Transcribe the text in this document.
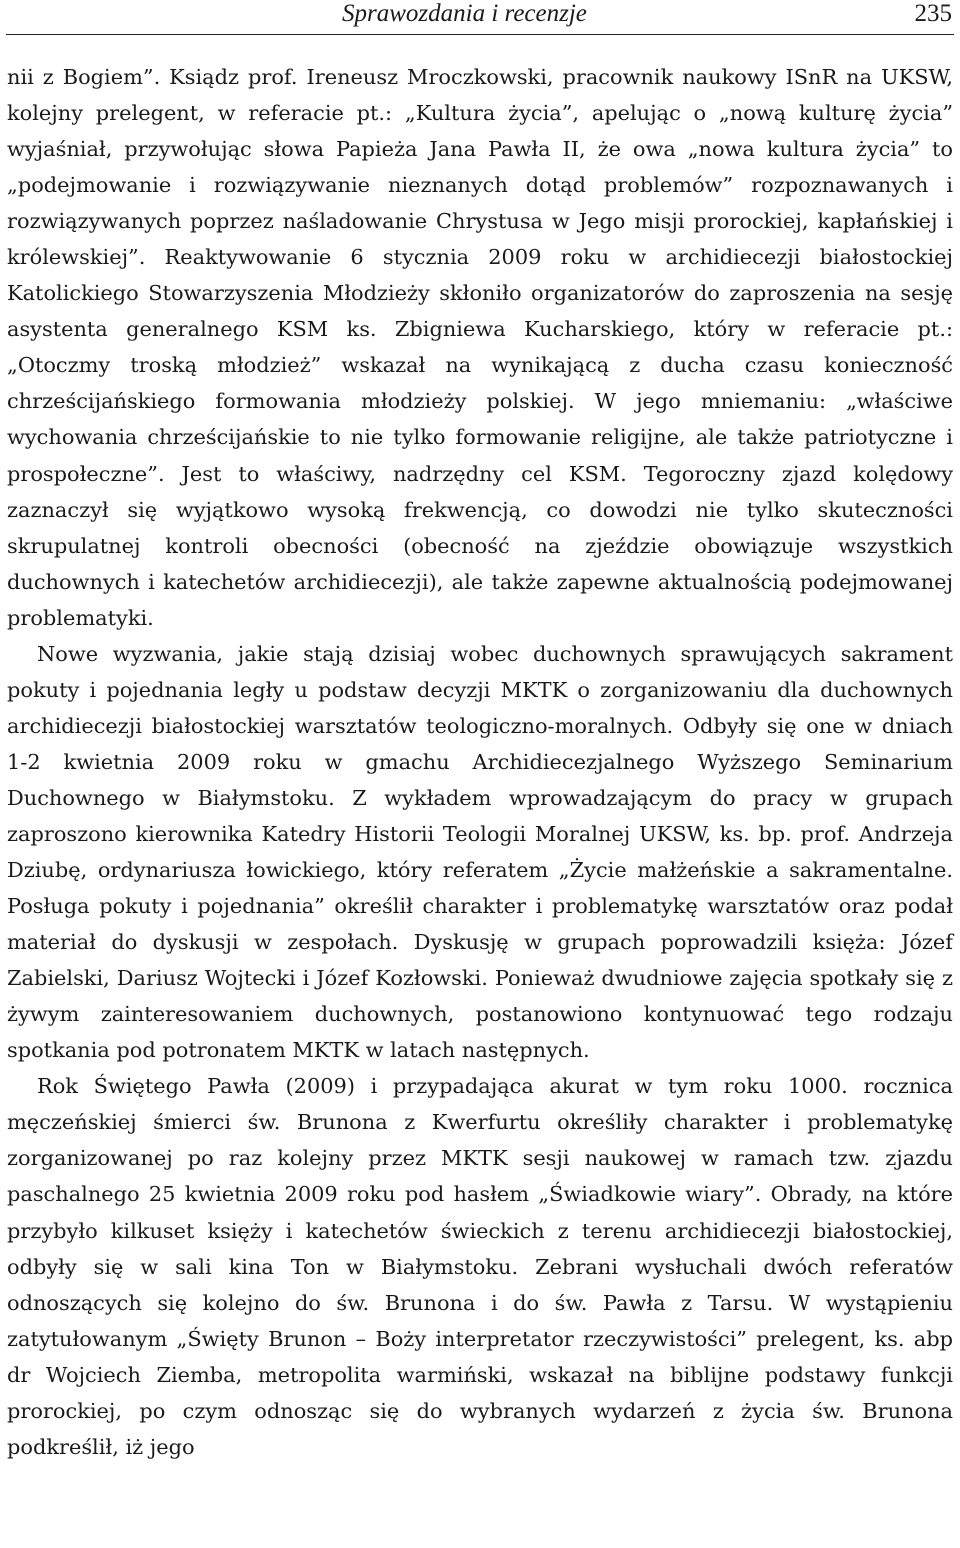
Sprawozdania i recenzje	235

nii z Bogiem”. Ksiądz prof. Ireneusz Mroczkowski, pracownik naukowy ISnR na UKSW, kolejny prelegent, w referacie pt.: „Kultura życia”, apelując o „nową kulturę życia” wyjaśniał, przywołując słowa Papieża Jana Pawła II, że owa „nowa kultura życia” to „podejmowanie i rozwiązywanie nieznanych dotąd problemów” rozpoznawanych i rozwiązywanych poprzez naśladowanie Chrystusa w Jego misji prorockiej, kapłańskiej i królewskiej”. Reaktywowanie 6 stycznia 2009 roku w archidiecezji białostockiej Katolickiego Stowarzyszenia Młodzieży skłoniło organizatorów do zaproszenia na sesję asystenta generalnego KSM ks. Zbigniewa Kucharskiego, który w referacie pt.: „Otoczmy troską młodzież” wskazał na wynikającą z ducha czasu konieczność chrześcijańskiego formowania młodzieży polskiej. W jego mniemaniu: „właściwe wychowania chrześcijańskie to nie tylko formowanie religijne, ale także patriotyczne i prospołeczne”. Jest to właściwy, nadrzędny cel KSM. Tegoroczny zjazd kolędowy zaznaczył się wyjątkowo wysoką frekwencją, co dowodzi nie tylko skuteczności skrupulatnej kontroli obecności (obecność na zjeździe obowiązuje wszystkich duchownych i katechetów archidiecezji), ale także zapewne aktualnością podejmowanej problematyki.

Nowe wyzwania, jakie stają dzisiaj wobec duchownych sprawujących sakrament pokuty i pojednania legły u podstaw decyzji MKTK o zorganizowaniu dla duchownych archidiecezji białostockiej warsztatów teologiczno-moralnych. Odbyły się one w dniach 1-2 kwietnia 2009 roku w gmachu Archidiecezjalnego Wyższego Seminarium Duchownego w Białymstoku. Z wykładem wprowadzającym do pracy w grupach zaproszono kierownika Katedry Historii Teologii Moralnej UKSW, ks. bp. prof. Andrzeja Dziubę, ordynariusza łowickiego, który referatem „Życie małżeńskie a sakramentalne. Posługa pokuty i pojednania” określił charakter i problematykę warsztatów oraz podał materiał do dyskusji w zespołach. Dyskusję w grupach poprowadzili księża: Józef Zabielski, Dariusz Wojtecki i Józef Kozłowski. Ponieważ dwudniowe zajęcia spotkały się z żywym zainteresowaniem duchownych, postanowiono kontynuować tego rodzaju spotkania pod potronatem MKTK w latach następnych.

Rok Świętego Pawła (2009) i przypadająca akurat w tym roku 1000. rocznica męczeńskiej śmierci św. Brunona z Kwerfurtu określiły charakter i problematykę zorganizowanej po raz kolejny przez MKTK sesji naukowej w ramach tzw. zjazdu paschalnego 25 kwietnia 2009 roku pod hasłem „Świadkowie wiary”. Obrady, na które przybyło kilkuset księży i katechetów świeckich z terenu archidiecezji białostockiej, odbyły się w sali kina Ton w Białymstoku. Zebrani wysłuchali dwóch referatów odnoszących się kolejno do św. Brunona i do św. Pawła z Tarsu. W wystąpieniu zatytułowanym „Święty Brunon – Boży interpretator rzeczywistości” prelegent, ks. abp dr Wojciech Ziemba, metropolita warmiński, wskazał na biblijne podstawy funkcji prorockiej, po czym odnosząc się do wybranych wydarzeń z życia św. Brunona podkreślił, iż jego
